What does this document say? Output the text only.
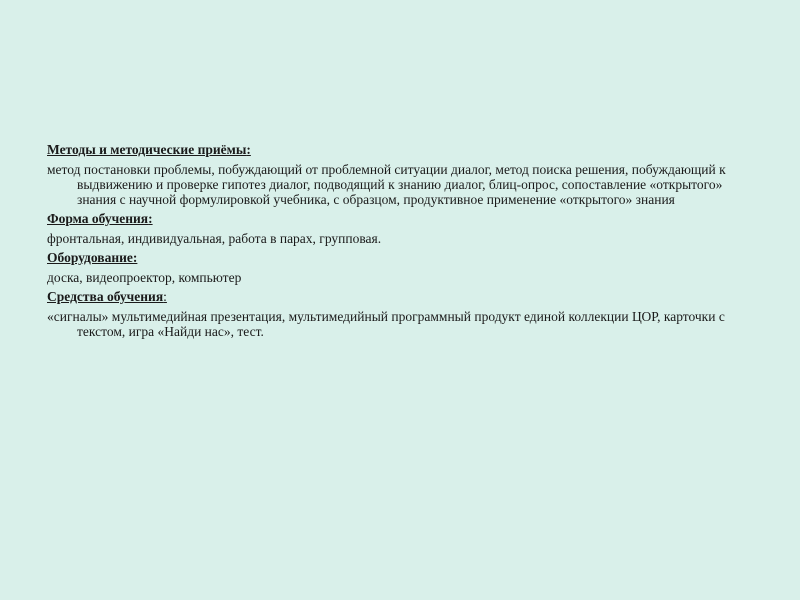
Методы и методические приёмы:
метод постановки проблемы, побуждающий от проблемной ситуации диалог, метод поиска решения, побуждающий к выдвижению и проверке гипотез диалог, подводящий к знанию диалог, блиц-опрос, сопоставление «открытого» знания с научной формулировкой учебника, с образцом, продуктивное применение «открытого» знания
Форма обучения:
фронтальная, индивидуальная, работа в парах, групповая.
Оборудование:
доска, видеопроектор, компьютер
Средства обучения:
«сигналы» мультимедийная презентация, мультимедийный программный продукт единой коллекции ЦОР, карточки с текстом, игра «Найди нас», тест.
